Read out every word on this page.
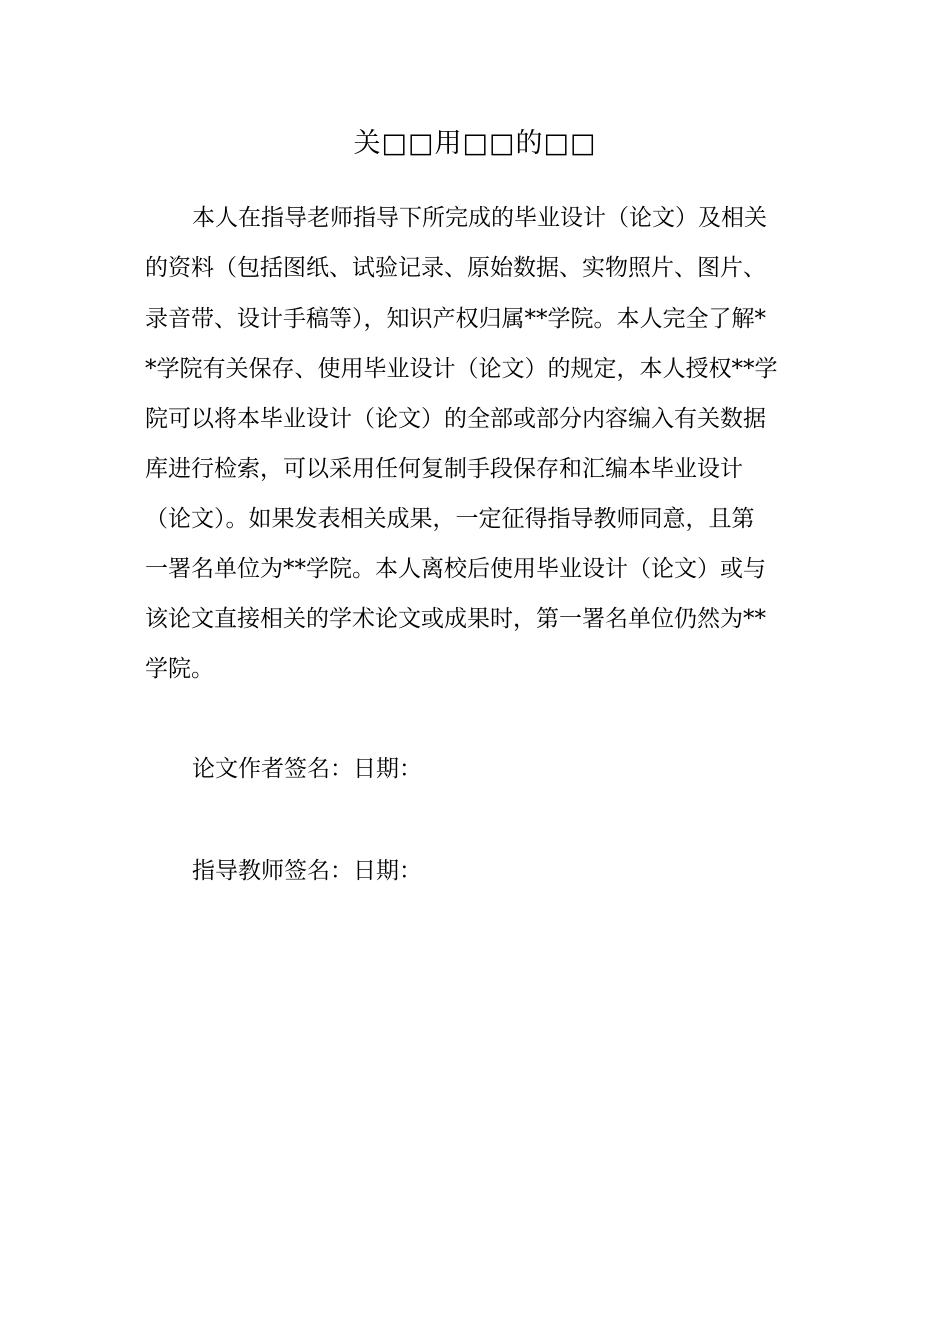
关□□用□□的□□
本人在指导老师指导下所完成的毕业设计（论文）及相关
的资料（包括图纸、试验记录、原始数据、实物照片、图片、
录音带、设计手稿等），知识产权归属**学院。本人完全了解*
*学院有关保存、使用毕业设计（论文）的规定，本人授权**学
院可以将本毕业设计（论文）的全部或部分内容编入有关数据
库进行检索，可以采用任何复制手段保存和汇编本毕业设计
（论文）。如果发表相关成果，一定征得指导教师同意，且第
一署名单位为**学院。本人离校后使用毕业设计（论文）或与
该论文直接相关的学术论文或成果时，第一署名单位仍然为**
学院。
论文作者签名：日期：
指导教师签名：日期：
